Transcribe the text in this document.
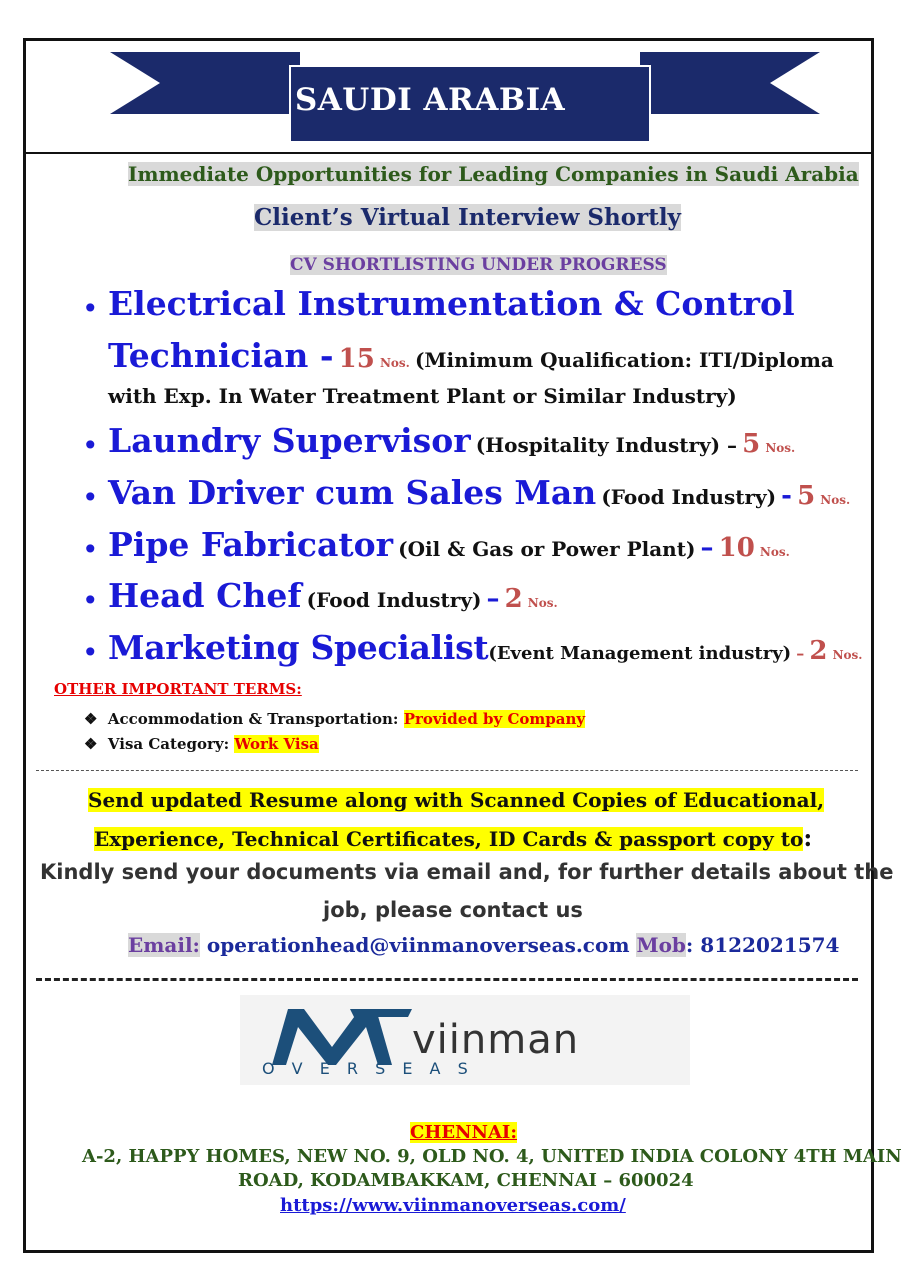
SAUDI ARABIA
Immediate Opportunities for Leading Companies in Saudi Arabia
Client’s Virtual Interview Shortly
CV SHORTLISTING UNDER PROGRESS
• Electrical Instrumentation & Control
Technician - 15 Nos. (Minimum Qualification: ITI/Diploma
with Exp. In Water Treatment Plant or Similar Industry)
• Laundry Supervisor (Hospitality Industry) – 5 Nos.
• Van Driver cum Sales Man (Food Industry) - 5 Nos.
• Pipe Fabricator (Oil & Gas or Power Plant) – 10 Nos.
• Head Chef (Food Industry) – 2 Nos.
• Marketing Specialist(Event Management industry) – 2 Nos.
OTHER IMPORTANT TERMS:
❖ Accommodation & Transportation: Provided by Company
❖ Visa Category: Work Visa
Send updated Resume along with Scanned Copies of Educational,
Experience, Technical Certificates, ID Cards & passport copy to:
Kindly send your documents via email and, for further details about the
job, please contact us
Email: operationhead@viinmanoverseas.com Mob: 8122021574
viinman
O V E R S E A S
CHENNAI:
A-2, HAPPY HOMES, NEW NO. 9, OLD NO. 4, UNITED INDIA COLONY 4TH MAIN
ROAD, KODAMBAKKAM, CHENNAI – 600024
https://www.viinmanoverseas.com/
